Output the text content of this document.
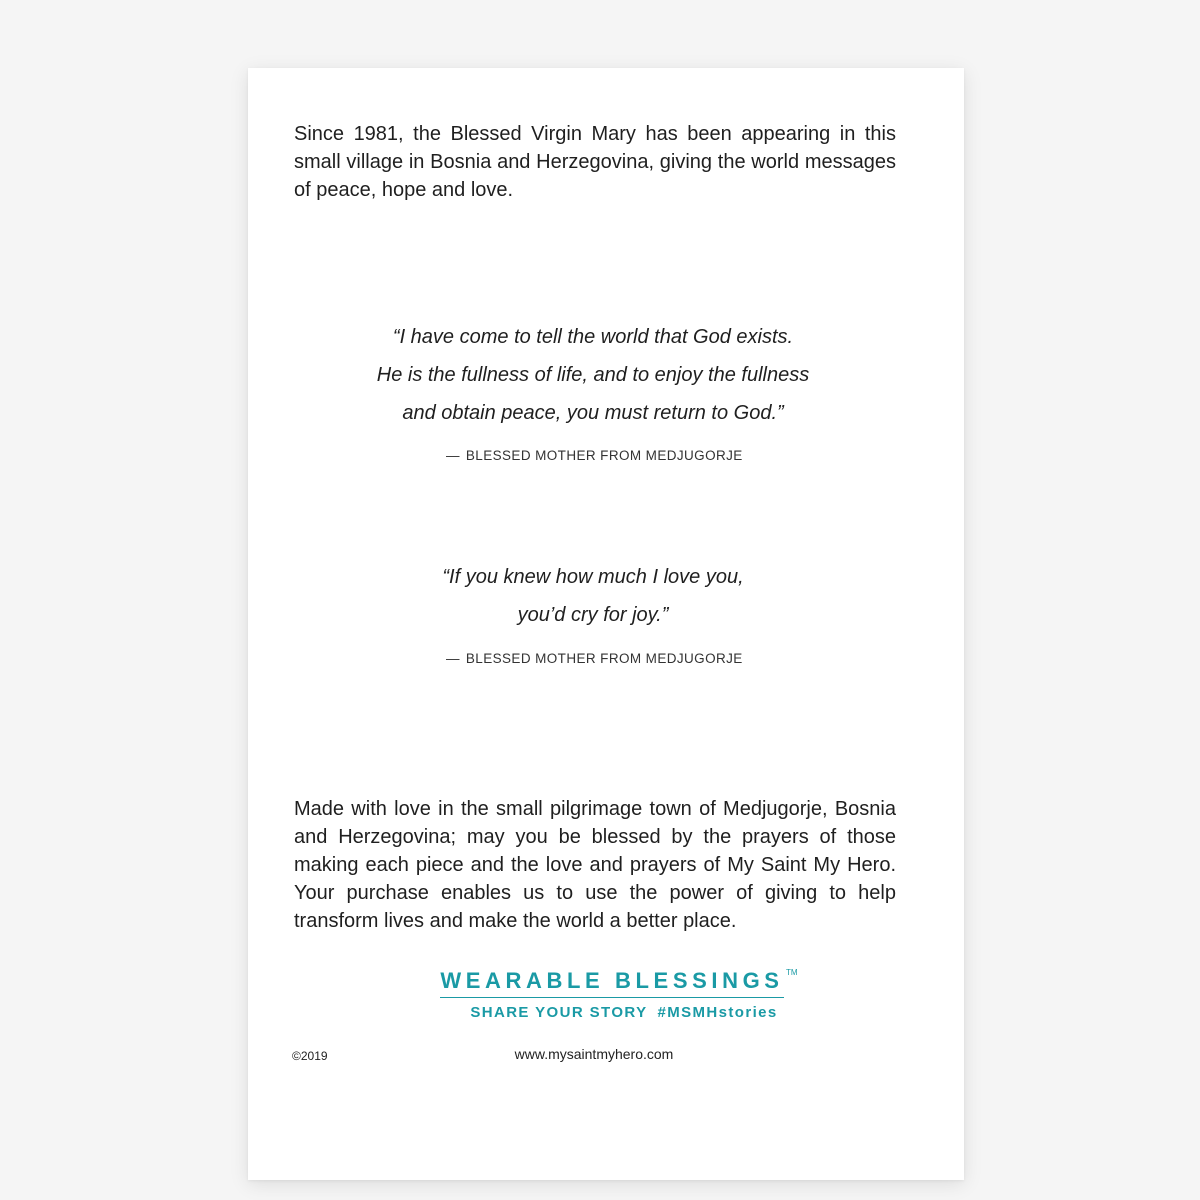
Since 1981, the Blessed Virgin Mary has been appearing in this small village in Bosnia and Herzegovina, giving the world messages of peace, hope and love.

“I have come to tell the world that God exists.
He is the fullness of life, and to enjoy the fullness
and obtain peace, you must return to God.”

— BLESSED MOTHER FROM MEDJUGORJE

“If you knew how much I love you,
you’d cry for joy.”

— BLESSED MOTHER FROM MEDJUGORJE

Made with love in the small pilgrimage town of Medjugorje, Bosnia and Herzegovina; may you be blessed by the prayers of those making each piece and the love and prayers of My Saint My Hero. Your purchase enables us to use the power of giving to help transform lives and make the world a better place.

WEARABLE BLESSINGS TM
SHARE YOUR STORY #MSMHstories
©2019	www.mysaintmyhero.com
